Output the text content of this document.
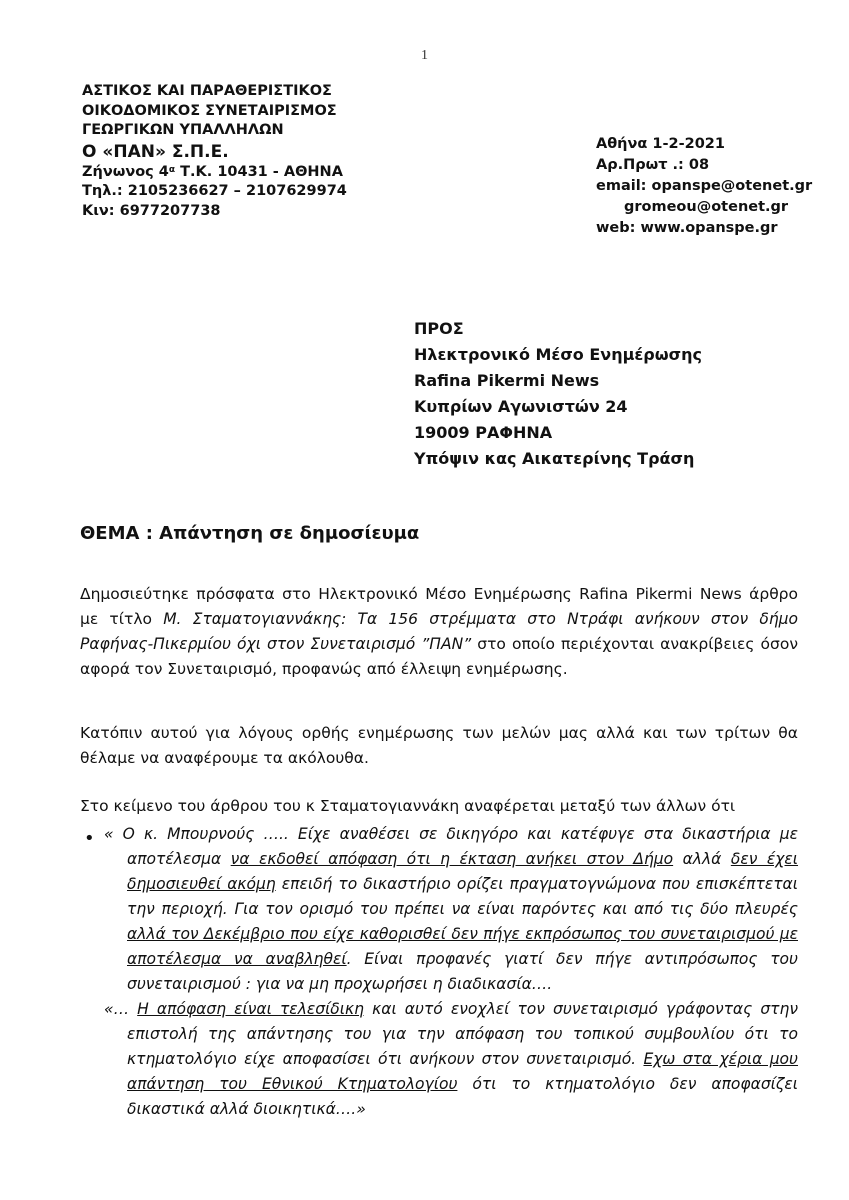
1
ΑΣΤΙΚΟΣ ΚΑΙ ΠΑΡΑΘΕΡΙΣΤΙΚΟΣ
ΟΙΚΟΔΟΜΙΚΟΣ ΣΥΝΕΤΑΙΡΙΣΜΟΣ
ΓΕΩΡΓΙΚΩΝ ΥΠΑΛΛΗΛΩΝ
Ο «ΠΑΝ» Σ.Π.Ε.
Ζήνωνος $4^\alpha$ Τ.Κ. 10431 - ΑΘΗΝΑ
Τηλ.: 2105236627 – 2107629974
Κιν: 6977207738
Αθήνα 1-2-2021
Αρ.Πρωτ .: 08
email: opanspe@otenet.gr
gromeou@otenet.gr
web: www.opanspe.gr
ΠΡΟΣ
Ηλεκτρονικό Μέσο Ενημέρωσης
Rafina Pikermi News
Κυπρίων Αγωνιστών 24
19009 ΡΑΦΗΝΑ
Υπόψιν κας Αικατερίνης Τράση
ΘΕΜΑ : Απάντηση σε δημοσίευμα
Δημοσιεύτηκε πρόσφατα στο Ηλεκτρονικό Μέσο Ενημέρωσης Rafina Pikermi News άρθρο με τίτλο Μ. Σταματογιαννάκης: Τα 156 στρέμματα στο Ντράφι ανήκουν στον δήμο Ραφήνας-Πικερμίου όχι στον Συνεταιρισμό ”ΠΑΝ” στο οποίο περιέχονται ανακρίβειες όσον αφορά τον Συνεταιρισμό, προφανώς από έλλειψη ενημέρωσης.
Κατόπιν αυτού για λόγους ορθής ενημέρωσης των μελών μας αλλά και των τρίτων θα θέλαμε να αναφέρουμε τα ακόλουθα.
Στο κείμενο του άρθρου του κ Σταματογιαννάκη αναφέρεται μεταξύ των άλλων ότι
• « Ο κ. Μπουρνούς ….. Είχε αναθέσει σε δικηγόρο και κατέφυγε στα δικαστήρια με αποτέλεσμα να εκδοθεί απόφαση ότι η έκταση ανήκει στον Δήμο αλλά δεν έχει δημοσιευθεί ακόμη επειδή το δικαστήριο ορίζει πραγματογνώμονα που επισκέπτεται την περιοχή. Για τον ορισμό του πρέπει να είναι παρόντες και από τις δύο πλευρές αλλά τον Δεκέμβριο που είχε καθορισθεί δεν πήγε εκπρόσωπος του συνεταιρισμού με αποτέλεσμα να αναβληθεί. Είναι προφανές γιατί δεν πήγε αντιπρόσωπος του συνεταιρισμού : για να μη προχωρήσει η διαδικασία….

«… Η απόφαση είναι τελεσίδικη και αυτό ενοχλεί τον συνεταιρισμό γράφοντας στην επιστολή της απάντησης του για την απόφαση του τοπικού συμβουλίου ότι το κτηματολόγιο είχε αποφασίσει ότι ανήκουν στον συνεταιρισμό. Εχω στα χέρια μου απάντηση του Εθνικού Κτηματολογίου ότι το κτηματολόγιο δεν αποφασίζει δικαστικά αλλά διοικητικά….»
